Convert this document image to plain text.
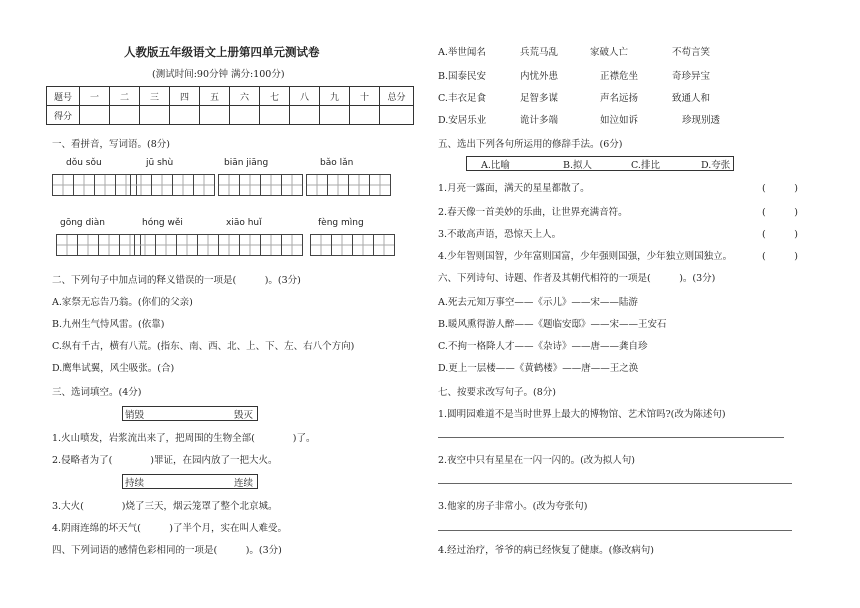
人教版五年级语文上册第四单元测试卷
(测试时间:90分钟 满分:100分)
题号	一	二	三	四	五	六	七	八	九	十	总分
得分											
一、看拼音，写词语。(8分)
dǒu sǒu	jū shù	biān jiāng	bǎo lǎn
gōng diàn	hóng wěi	xiāo huǐ	fèng mìng
二、下列句子中加点词的释义错误的一项是(　　　)。(3分)
A.家祭无忘告乃翁。(你们的父亲)
B.九州生气恃风雷。(依靠)
C.纵有千古，横有八荒。(指东、南、西、北、上、下、左、右八个方向)
D.鹰隼试翼，风尘吸张。(合)
三、选词填空。(4分)
销毁	毁灭
1.火山喷发，岩浆流出来了，把周围的生物全部(　　　　)了。
2.侵略者为了(　　　　)罪证，在园内放了一把大火。
持续	连续
3.大火(　　　　)烧了三天，烟云笼罩了整个北京城。
4.阴雨连绵的坏天气(　　　)了半个月，实在叫人难受。
四、下列词语的感情色彩相同的一项是(　　　)。(3分)
A.举世闻名	兵荒马乱	家破人亡	不苟言笑
B.国泰民安	内忧外患	正襟危坐	奇珍异宝
C.丰衣足食	足智多谋	声名远扬	致通人和
D.安居乐业	诡计多端	如泣如诉	珍现别透
五、选出下列各句所运用的修辞手法。(6分)
A.比喻	B.拟人	C.排比	D.夸张
1.月亮一露面，满天的星星都散了。	(　　　)
2.春天像一首美妙的乐曲，让世界充满音符。	(　　　)
3.不敢高声语，恐惊天上人。	(　　　)
4.少年智则国智，少年富则国富，少年强则国强，少年独立则国独立。	(　　　)
六、下列诗句、诗题、作者及其朝代相符的一项是(　　　)。(3分)
A.死去元知万事空——《示儿》——宋——陆游
B.暖风熏得游人醉——《题临安邸》——宋——王安石
C.不拘一格降人才——《杂诗》——唐——龚自珍
D.更上一层楼——《黄鹤楼》——唐——王之涣
七、按要求改写句子。(8分)
1.圆明园难道不是当时世界上最大的博物馆、艺术馆吗?(改为陈述句)
2.夜空中只有星星在一闪一闪的。(改为拟人句)
3.他家的房子非常小。(改为夸张句)
4.经过治疗，爷爷的病已经恢复了健康。(修改病句)
